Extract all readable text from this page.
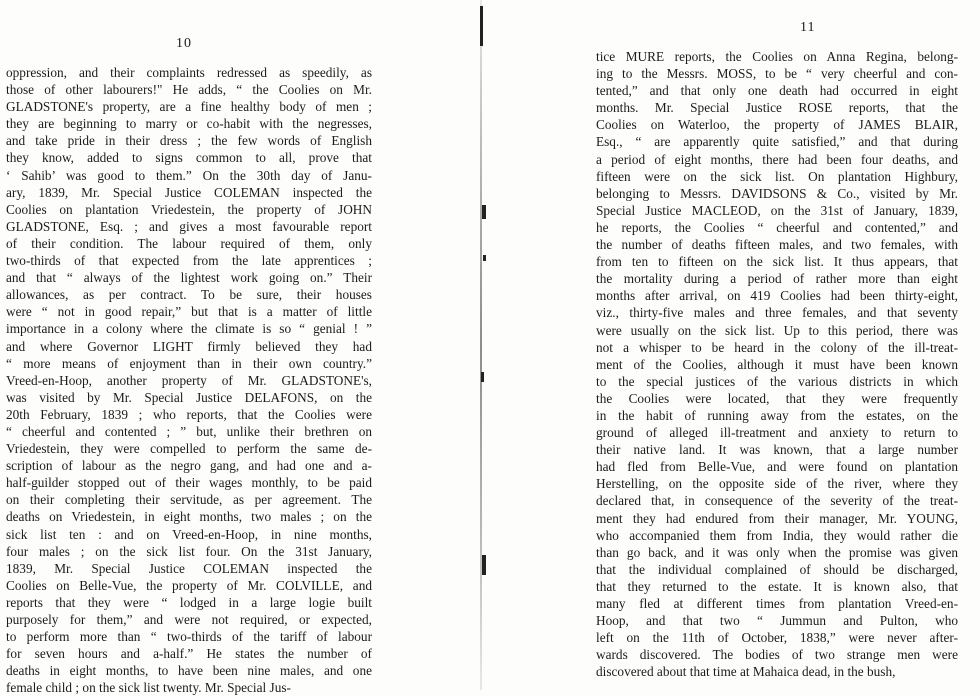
10
oppression, and their complaints redressed as speedily, as
those of other labourers!" He adds, “ the Coolies on Mr.
GLADSTONE's property, are a fine healthy body of men ;
they are beginning to marry or co-habit with the negresses,
and take pride in their dress ; the few words of English
they know, added to signs common to all, prove that
‘ Sahib’ was good to them.” On the 30th day of Janu-
ary, 1839, Mr. Special Justice COLEMAN inspected the
Coolies on plantation Vriedestein, the property of JOHN
GLADSTONE, Esq. ; and gives a most favourable report
of their condition. The labour required of them, only
two-thirds of that expected from the late apprentices ;
and that “ always of the lightest work going on.” Their
allowances, as per contract. To be sure, their houses
were “ not in good repair,” but that is a matter of little
importance in a colony where the climate is so “ genial ! ”
and where Governor LIGHT firmly believed they had
“ more means of enjoyment than in their own country.”
Vreed-en-Hoop, another property of Mr. GLADSTONE's,
was visited by Mr. Special Justice DELAFONS, on the
20th February, 1839 ; who reports, that the Coolies were
“ cheerful and contented ; ” but, unlike their brethren on
Vriedestein, they were compelled to perform the same de-
scription of labour as the negro gang, and had one and a-
half-guilder stopped out of their wages monthly, to be paid
on their completing their servitude, as per agreement. The
deaths on Vriedestein, in eight months, two males ; on the
sick list ten : and on Vreed-en-Hoop, in nine months,
four males ; on the sick list four. On the 31st January,
1839, Mr. Special Justice COLEMAN inspected the
Coolies on Belle-Vue, the property of Mr. COLVILLE, and
reports that they were “ lodged in a large logie built
purposely for them,” and were not required, or expected,
to perform more than “ two-thirds of the tariff of labour
for seven hours and a-half.” He states the number of
deaths in eight months, to have been nine males, and one
female child ; on the sick list twenty. Mr. Special Jus-
11
tice MURE reports, the Coolies on Anna Regina, belong-
ing to the Messrs. MOSS, to be “ very cheerful and con-
tented,” and that only one death had occurred in eight
months. Mr. Special Justice ROSE reports, that the
Coolies on Waterloo, the property of JAMES BLAIR,
Esq., “ are apparently quite satisfied,” and that during
a period of eight months, there had been four deaths, and
fifteen were on the sick list. On plantation Highbury,
belonging to Messrs. DAVIDSONS & Co., visited by Mr.
Special Justice MACLEOD, on the 31st of January, 1839,
he reports, the Coolies “ cheerful and contented,” and
the number of deaths fifteen males, and two females, with
from ten to fifteen on the sick list. It thus appears, that
the mortality during a period of rather more than eight
months after arrival, on 419 Coolies had been thirty-eight,
viz., thirty-five males and three females, and that seventy
were usually on the sick list. Up to this period, there was
not a whisper to be heard in the colony of the ill-treat-
ment of the Coolies, although it must have been known
to the special justices of the various districts in which
the Coolies were located, that they were frequently
in the habit of running away from the estates, on the
ground of alleged ill-treatment and anxiety to return to
their native land. It was known, that a large number
had fled from Belle-Vue, and were found on plantation
Herstelling, on the opposite side of the river, where they
declared that, in consequence of the severity of the treat-
ment they had endured from their manager, Mr. YOUNG,
who accompanied them from India, they would rather die
than go back, and it was only when the promise was given
that the individual complained of should be discharged,
that they returned to the estate. It is known also, that
many fled at different times from plantation Vreed-en-
Hoop, and that two “ Jummun and Pulton, who
left on the 11th of October, 1838,” were never after-
wards discovered. The bodies of two strange men were
discovered about that time at Mahaica dead, in the bush,
